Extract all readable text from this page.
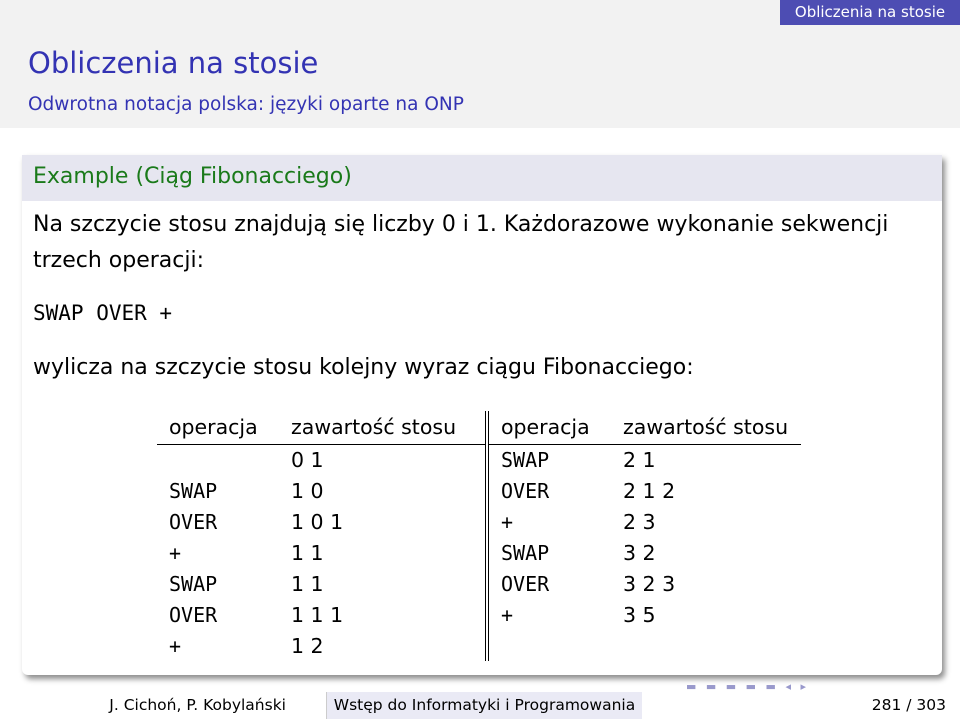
Obliczenia na stosie
Obliczenia na stosie
Odwrotna notacja polska: języki oparte na ONP
Example (Ciąg Fibonacciego)
Na szczycie stosu znajdują się liczby 0 i 1. Każdorazowe wykonanie sekwencji trzech operacji:
SWAP OVER +
wylicza na szczycie stosu kolejny wyraz ciągu Fibonacciego:
operacja	zawartość stosu	operacja	zawartość stosu
	0 1	SWAP	2 1
SWAP	1 0	OVER	2 1 2
OVER	1 0 1	+	2 3
+	1 1	SWAP	3 2
SWAP	1 1	OVER	3 2 3
OVER	1 1 1	+	3 5
+	1 2		
▬ ▬ ▬ ▬ ▬ ◂ ▸
J. Cichoń, P. Kobylański	Wstęp do Informatyki i Programowania	281 / 303
